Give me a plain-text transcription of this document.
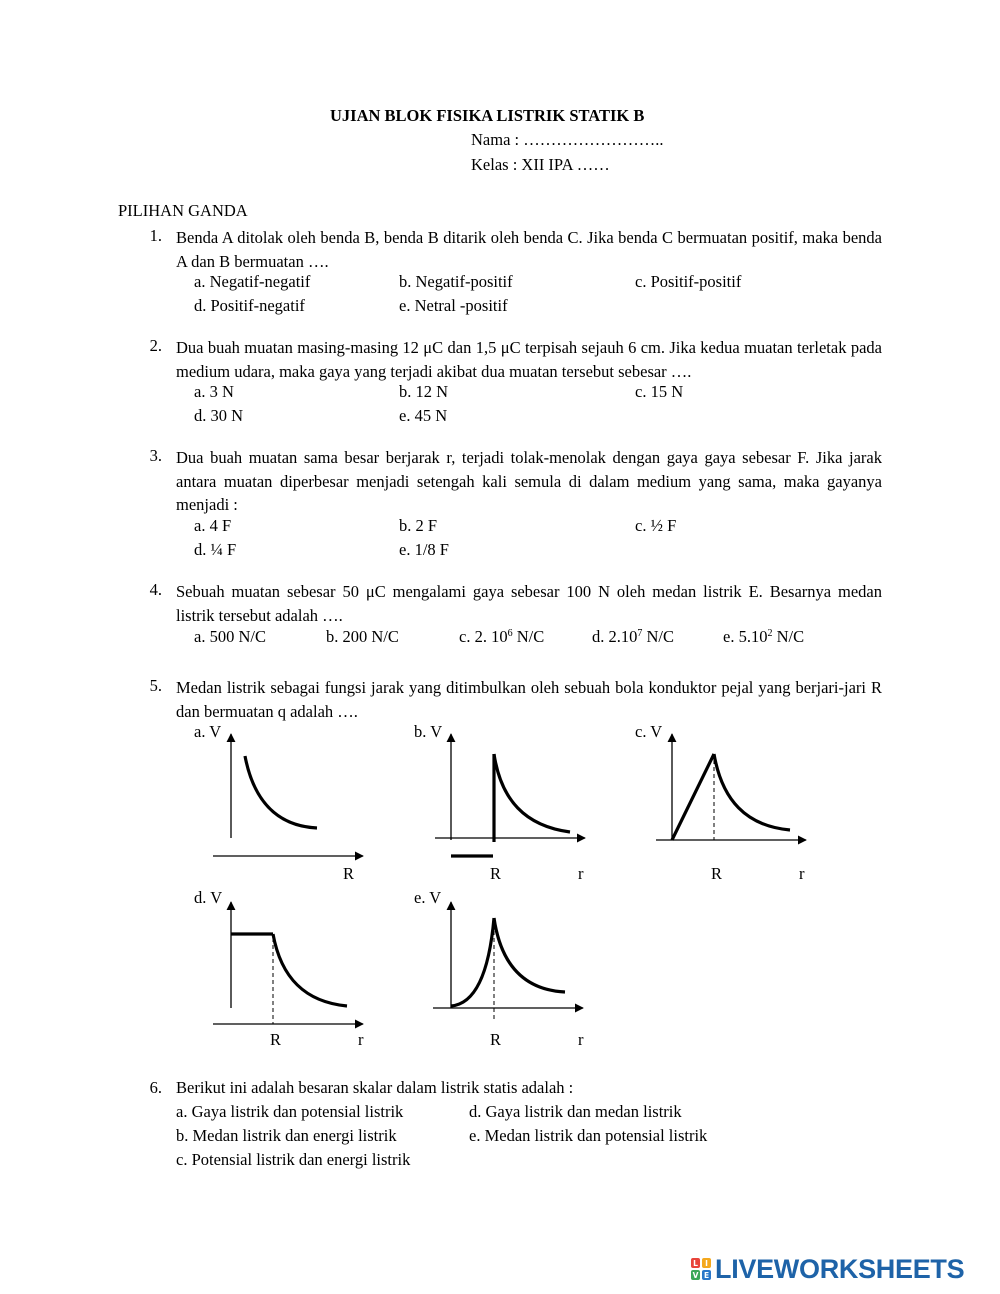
UJIAN BLOK FISIKA LISTRIK STATIK B
Nama : ……………………..
Kelas : XII IPA ……
PILIHAN GANDA
1. Benda A ditolak oleh benda B, benda B ditarik oleh benda C. Jika benda C bermuatan positif, maka benda A dan B bermuatan ….
a. Negatif-negatif	b. Negatif-positif	c. Positif-positif
d. Positif-negatif	e. Netral -positif
2. Dua buah muatan masing-masing 12 μC dan 1,5 μC terpisah sejauh 6 cm. Jika kedua muatan terletak pada medium udara, maka gaya yang terjadi akibat dua muatan tersebut sebesar ….
a. 3 N	b. 12 N	c. 15 N
d. 30 N	e. 45 N
3. Dua buah muatan sama besar berjarak r, terjadi tolak-menolak dengan gaya gaya sebesar F. Jika jarak antara muatan diperbesar menjadi setengah kali semula di dalam medium yang sama, maka gayanya menjadi :
a. 4 F	b. 2 F	c. ½ F
d. ¼ F	e. 1/8 F
4. Sebuah muatan sebesar 50 μC mengalami gaya sebesar 100 N oleh medan listrik E. Besarnya medan listrik tersebut adalah ….
a. 500 N/C	b. 200 N/C	c. 2. $10^6$ N/C	d. 2.10$^7$ N/C	e. 5.10$^2$ N/C
5. Medan listrik sebagai fungsi jarak yang ditimbulkan oleh sebuah bola konduktor pejal yang berjari-jari R dan bermuatan q adalah ….
a. V	b. V	c. V
d. V	e. V
R	R	r	R	r
R	r	R	r
6. Berikut ini adalah besaran skalar dalam listrik statis adalah :
a. Gaya listrik dan potensial listrik	d. Gaya listrik dan medan listrik
b. Medan listrik dan energi listrik	e. Medan listrik dan potensial listrik
c. Potensial listrik dan energi listrik
L I
V E LIVEWORKSHEETS
